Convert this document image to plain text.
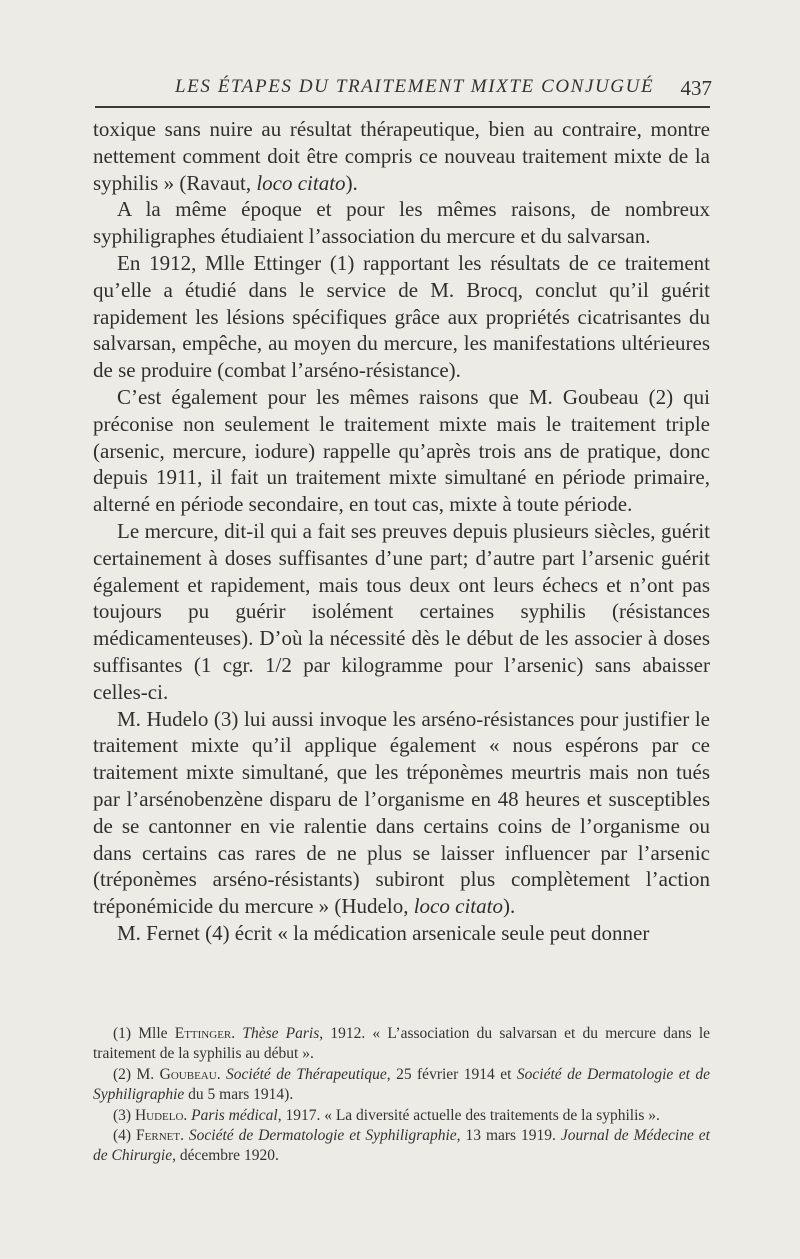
LES ÉTAPES DU TRAITEMENT MIXTE CONJUGUÉ 437

toxique sans nuire au résultat thérapeutique, bien au contraire, montre nettement comment doit être compris ce nouveau traitement mixte de la syphilis » (Ravaut, loco citato).

A la même époque et pour les mêmes raisons, de nombreux syphiligraphes étudiaient l’association du mercure et du salvarsan.

En 1912, Mlle Ettinger (1) rapportant les résultats de ce traitement qu’elle a étudié dans le service de M. Brocq, conclut qu’il guérit rapidement les lésions spécifiques grâce aux propriétés cicatrisantes du salvarsan, empêche, au moyen du mercure, les manifestations ultérieures de se produire (combat l’arséno-résistance).

C’est également pour les mêmes raisons que M. Goubeau (2) qui préconise non seulement le traitement mixte mais le traitement triple (arsenic, mercure, iodure) rappelle qu’après trois ans de pratique, donc depuis 1911, il fait un traitement mixte simultané en période primaire, alterné en période secondaire, en tout cas, mixte à toute période.

Le mercure, dit-il qui a fait ses preuves depuis plusieurs siècles, guérit certainement à doses suffisantes d’une part; d’autre part l’arsenic guérit également et rapidement, mais tous deux ont leurs échecs et n’ont pas toujours pu guérir isolément certaines syphilis (résistances médicamenteuses). D’où la nécessité dès le début de les associer à doses suffisantes (1 cgr. 1/2 par kilogramme pour l’arsenic) sans abaisser celles-ci.

M. Hudelo (3) lui aussi invoque les arséno-résistances pour justifier le traitement mixte qu’il applique également « nous espérons par ce traitement mixte simultané, que les tréponèmes meurtris mais non tués par l’arsénobenzène disparu de l’organisme en 48 heures et susceptibles de se cantonner en vie ralentie dans certains coins de l’organisme ou dans certains cas rares de ne plus se laisser influencer par l’arsenic (tréponèmes arséno-résistants) subiront plus complètement l’action tréponémicide du mercure » (Hudelo, loco citato).

M. Fernet (4) écrit « la médication arsenicale seule peut donner

(1) Mlle Ettinger. Thèse Paris, 1912. « L’association du salvarsan et du mercure dans le traitement de la syphilis au début ».

(2) M. Goubeau. Société de Thérapeutique, 25 février 1914 et Société de Dermatologie et de Syphiligraphie du 5 mars 1914).

(3) Hudelo. Paris médical, 1917. « La diversité actuelle des traitements de la syphilis ».

(4) Fernet. Société de Dermatologie et Syphiligraphie, 13 mars 1919. Journal de Médecine et de Chirurgie, décembre 1920.
